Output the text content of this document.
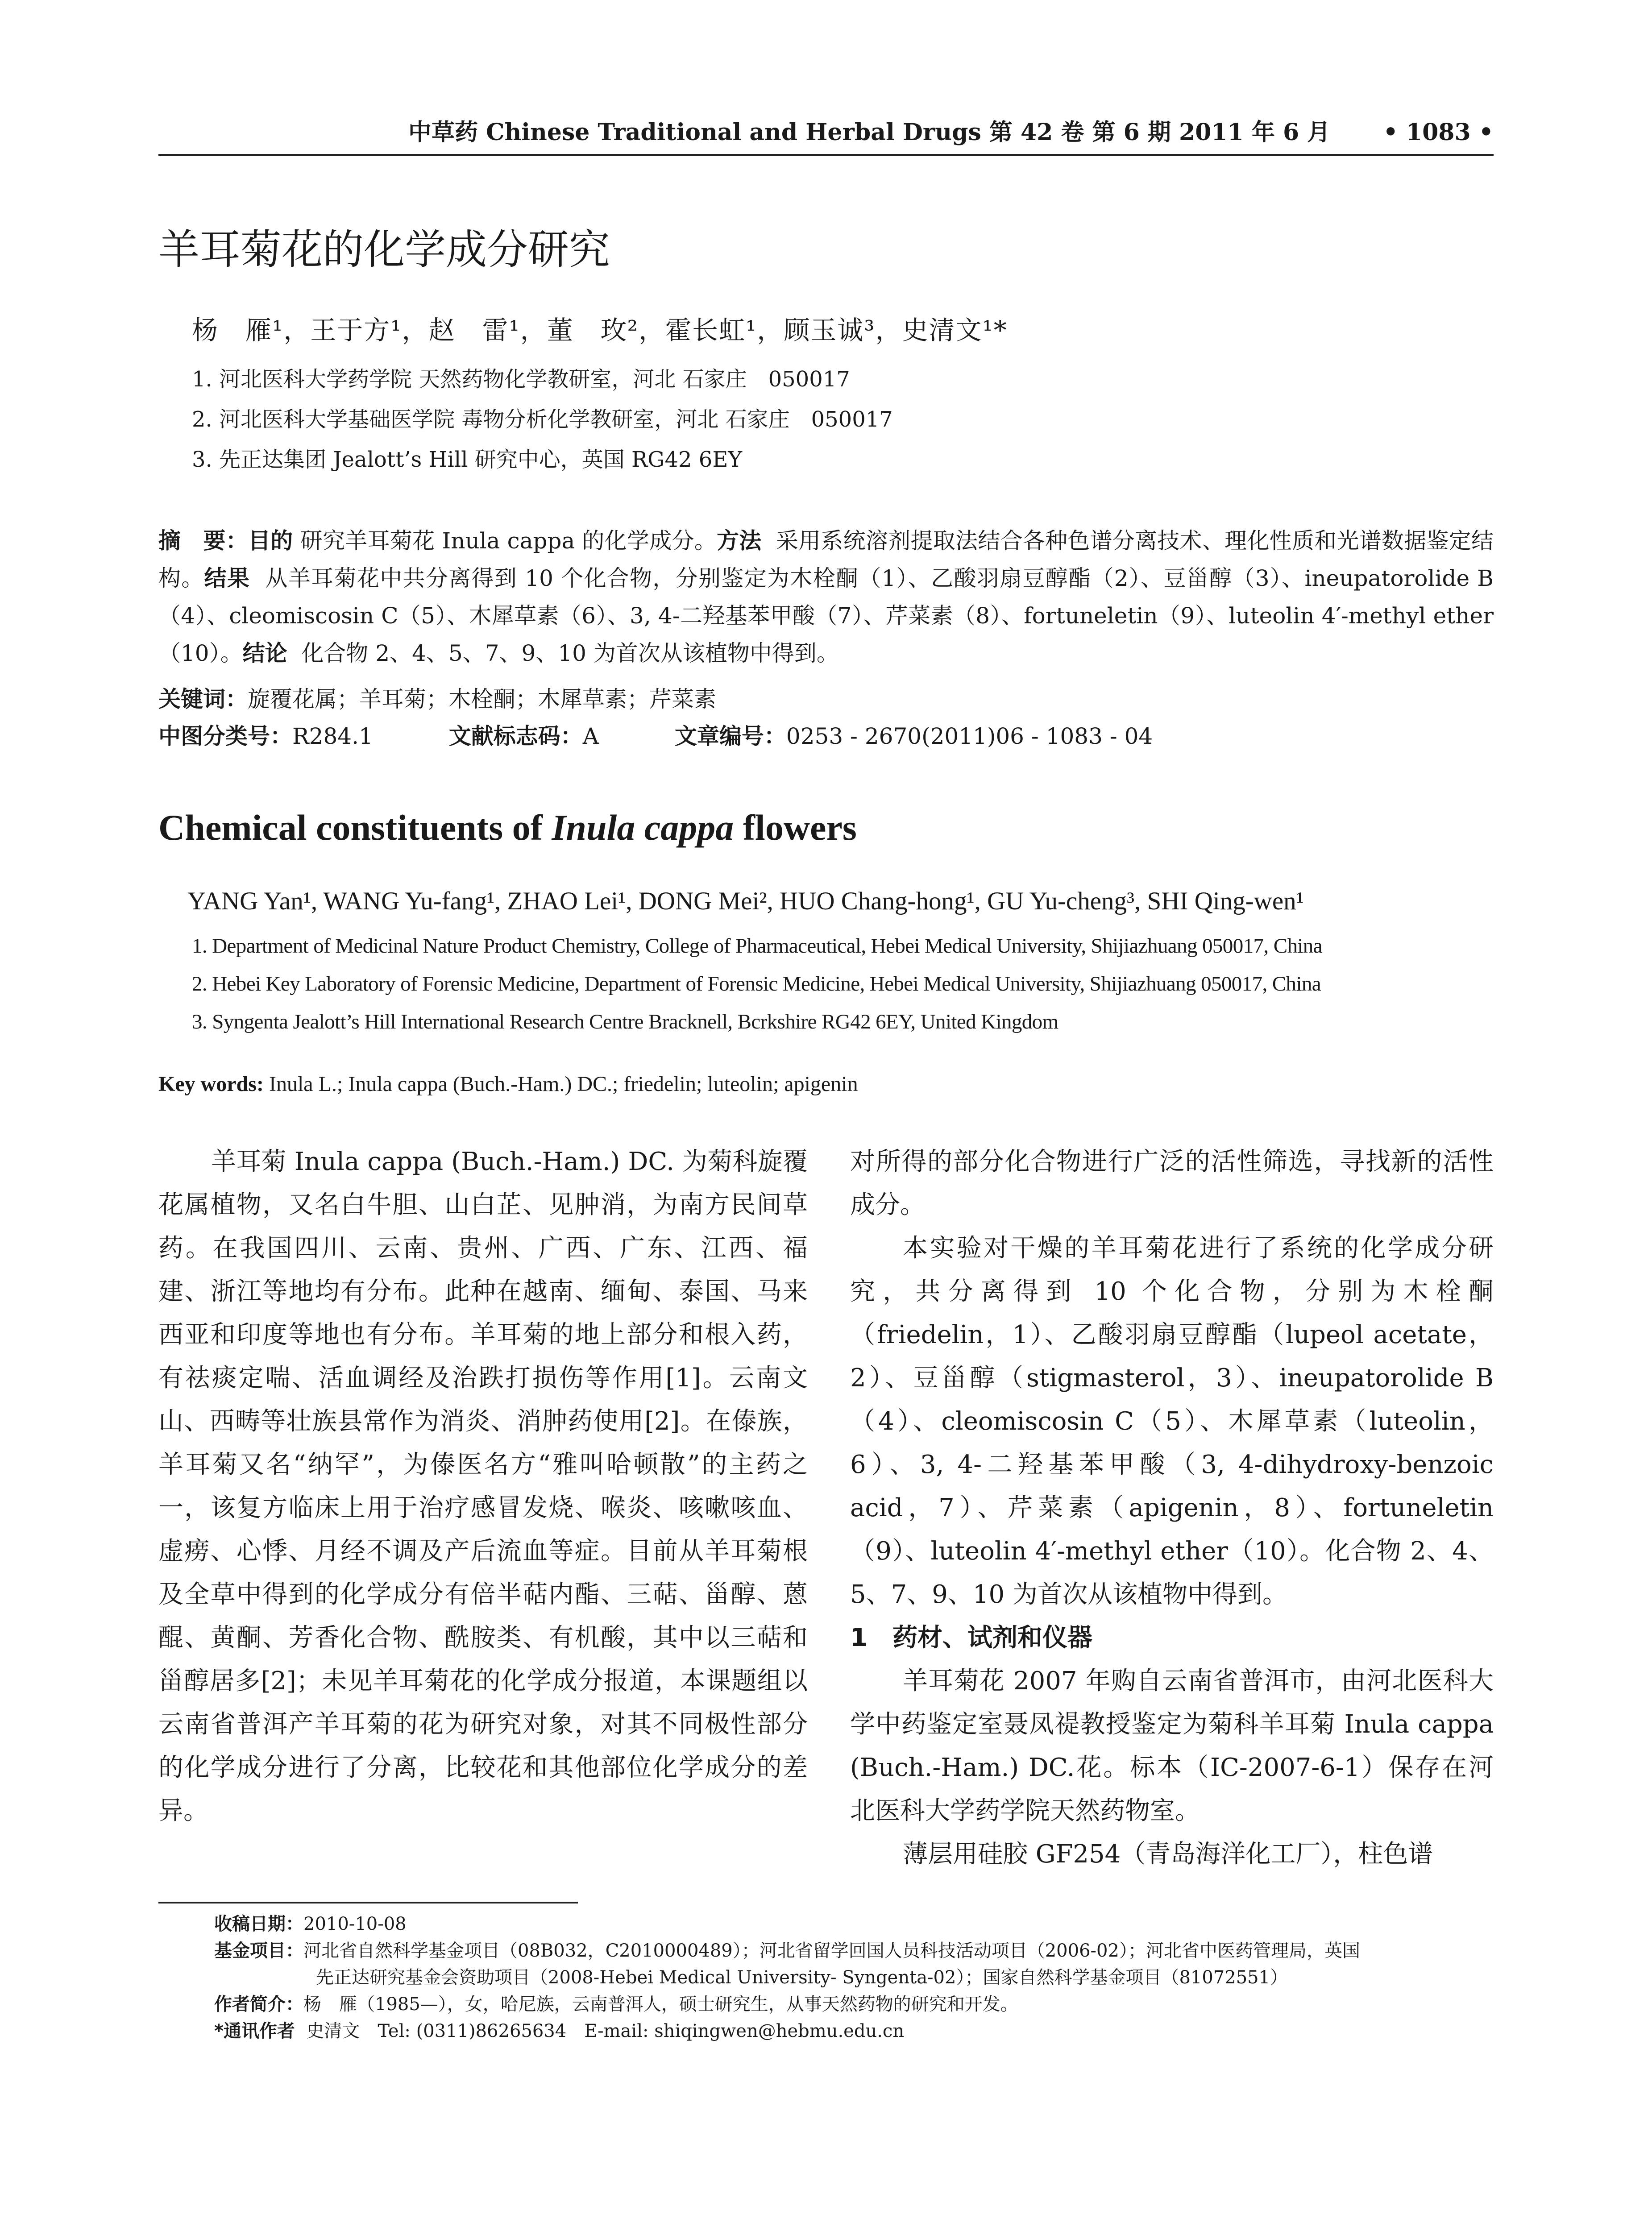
中草药 Chinese Traditional and Herbal Drugs 第 42 卷 第 6 期 2011 年 6 月 • 1083 •
羊耳菊花的化学成分研究
杨　雁¹，王于方¹，赵　雷¹，董　玫²，霍长虹¹，顾玉诚³，史清文¹*
1. 河北医科大学药学院 天然药物化学教研室，河北 石家庄　050017
2. 河北医科大学基础医学院 毒物分析化学教研室，河北 石家庄　050017
3. 先正达集团 Jealott’s Hill 研究中心，英国 RG42 6EY
摘　要：目的 研究羊耳菊花 Inula cappa 的化学成分。方法 采用系统溶剂提取法结合各种色谱分离技术、理化性质和光谱数据鉴定结构。结果 从羊耳菊花中共分离得到 10 个化合物，分别鉴定为木栓酮（1）、乙酸羽扇豆醇酯（2）、豆甾醇（3）、ineupatorolide B（4）、cleomiscosin C（5）、木犀草素（6）、3, 4-二羟基苯甲酸（7）、芹菜素（8）、fortuneletin（9）、luteolin 4′-methyl ether（10）。结论 化合物 2、4、5、7、9、10 为首次从该植物中得到。
关键词：旋覆花属；羊耳菊；木栓酮；木犀草素；芹菜素
中图分类号：R284.1	文献标志码：A	文章编号：0253 - 2670(2011)06 - 1083 - 04
Chemical constituents of Inula cappa flowers
YANG Yan¹, WANG Yu-fang¹, ZHAO Lei¹, DONG Mei², HUO Chang-hong¹, GU Yu-cheng³, SHI Qing-wen¹
1. Department of Medicinal Nature Product Chemistry, College of Pharmaceutical, Hebei Medical University, Shijiazhuang 050017, China
2. Hebei Key Laboratory of Forensic Medicine, Department of Forensic Medicine, Hebei Medical University, Shijiazhuang 050017, China
3. Syngenta Jealott’s Hill International Research Centre Bracknell, Bcrkshire RG42 6EY, United Kingdom
Key words: Inula L.; Inula cappa (Buch.-Ham.) DC.; friedelin; luteolin; apigenin

羊耳菊 Inula cappa (Buch.-Ham.) DC. 为菊科旋覆花属植物，又名白牛胆、山白芷、见肿消，为南方民间草药。在我国四川、云南、贵州、广西、广东、江西、福建、浙江等地均有分布。此种在越南、缅甸、泰国、马来西亚和印度等地也有分布。羊耳菊的地上部分和根入药，有祛痰定喘、活血调经及治跌打损伤等作用[1]。云南文山、西畴等壮族县常作为消炎、消肿药使用[2]。在傣族，羊耳菊又名“纳罕”，为傣医名方“雅叫哈顿散”的主药之一，该复方临床上用于治疗感冒发烧、喉炎、咳嗽咳血、虚痨、心悸、月经不调及产后流血等症。目前从羊耳菊根及全草中得到的化学成分有倍半萜内酯、三萜、甾醇、蒽醌、黄酮、芳香化合物、酰胺类、有机酸，其中以三萜和甾醇居多[2]；未见羊耳菊花的化学成分报道，本课题组以云南省普洱产羊耳菊的花为研究对象，对其不同极性部分的化学成分进行了分离，比较花和其他部位化学成分的差异。

对所得的部分化合物进行广泛的活性筛选，寻找新的活性成分。

本实验对干燥的羊耳菊花进行了系统的化学成分研究，共分离得到 10 个化合物，分别为木栓酮（friedelin，1）、乙酸羽扇豆醇酯（lupeol acetate，2）、豆甾醇（stigmasterol，3）、ineupatorolide B（4）、cleomiscosin C（5）、木犀草素（luteolin，6）、3, 4-二羟基苯甲酸（3, 4-dihydroxy-benzoic acid，7）、芹菜素（apigenin，8）、fortuneletin（9）、luteolin 4′-methyl ether（10）。化合物 2、4、5、7、9、10 为首次从该植物中得到。

1　药材、试剂和仪器

羊耳菊花 2007 年购自云南省普洱市，由河北医科大学中药鉴定室聂凤禔教授鉴定为菊科羊耳菊 Inula cappa (Buch.-Ham.) DC.花。标本（IC-2007-6-1）保存在河北医科大学药学院天然药物室。

薄层用硅胶 GF254（青岛海洋化工厂），柱色谱

收稿日期：2010-10-08

基金项目：河北省自然科学基金项目（08B032，C2010000489）；河北省留学回国人员科技活动项目（2006-02）；河北省中医药管理局，英国

先正达研究基金会资助项目（2008-Hebei Medical University- Syngenta-02）；国家自然科学基金项目（81072551）

作者简介：杨　雁（1985—），女，哈尼族，云南普洱人，硕士研究生，从事天然药物的研究和开发。

*通讯作者 史清文　Tel: (0311)86265634　E-mail: shiqingwen@hebmu.edu.cn
